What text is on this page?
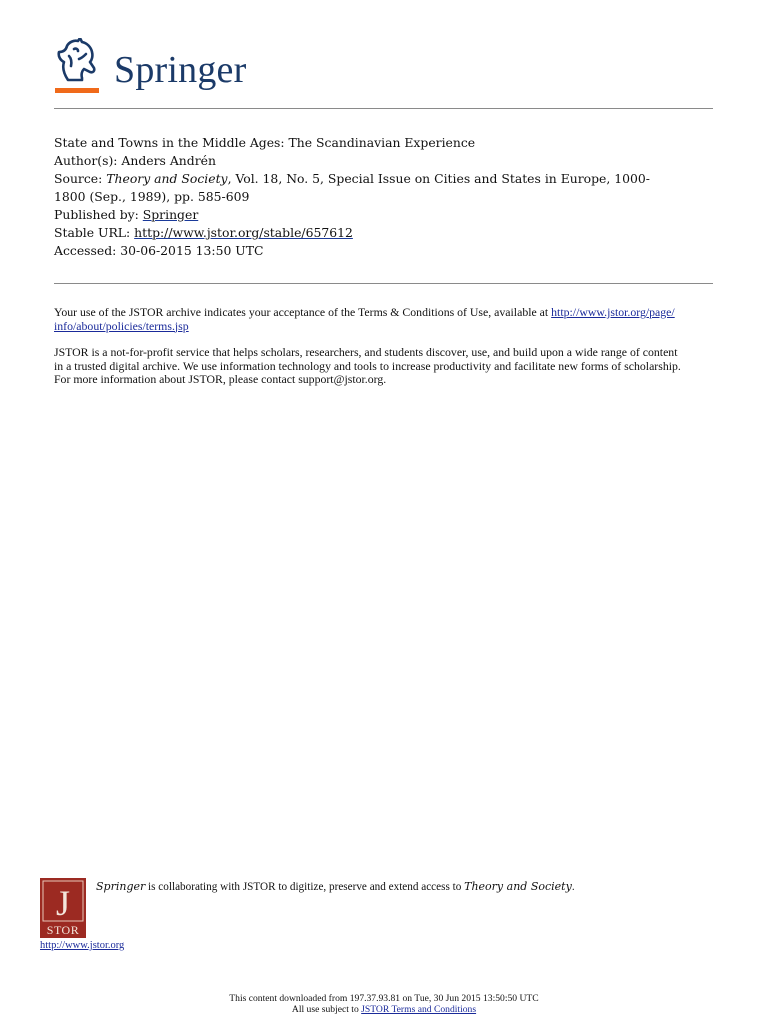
Springer
State and Towns in the Middle Ages: The Scandinavian Experience
Author(s): Anders Andrén
Source: Theory and Society, Vol. 18, No. 5, Special Issue on Cities and States in Europe, 1000-
1800 (Sep., 1989), pp. 585-609
Published by: Springer
Stable URL: http://www.jstor.org/stable/657612
Accessed: 30-06-2015 13:50 UTC

Your use of the JSTOR archive indicates your acceptance of the Terms & Conditions of Use, available at http://www.jstor.org/page/
info/about/policies/terms.jsp

JSTOR is a not-for-profit service that helps scholars, researchers, and students discover, use, and build upon a wide range of content
in a trusted digital archive. We use information technology and tools to increase productivity and facilitate new forms of scholarship.
For more information about JSTOR, please contact support@jstor.org.

J
STOR
http://www.jstor.org
Springer is collaborating with JSTOR to digitize, preserve and extend access to Theory and Society.
This content downloaded from 197.37.93.81 on Tue, 30 Jun 2015 13:50:50 UTC
All use subject to JSTOR Terms and Conditions
